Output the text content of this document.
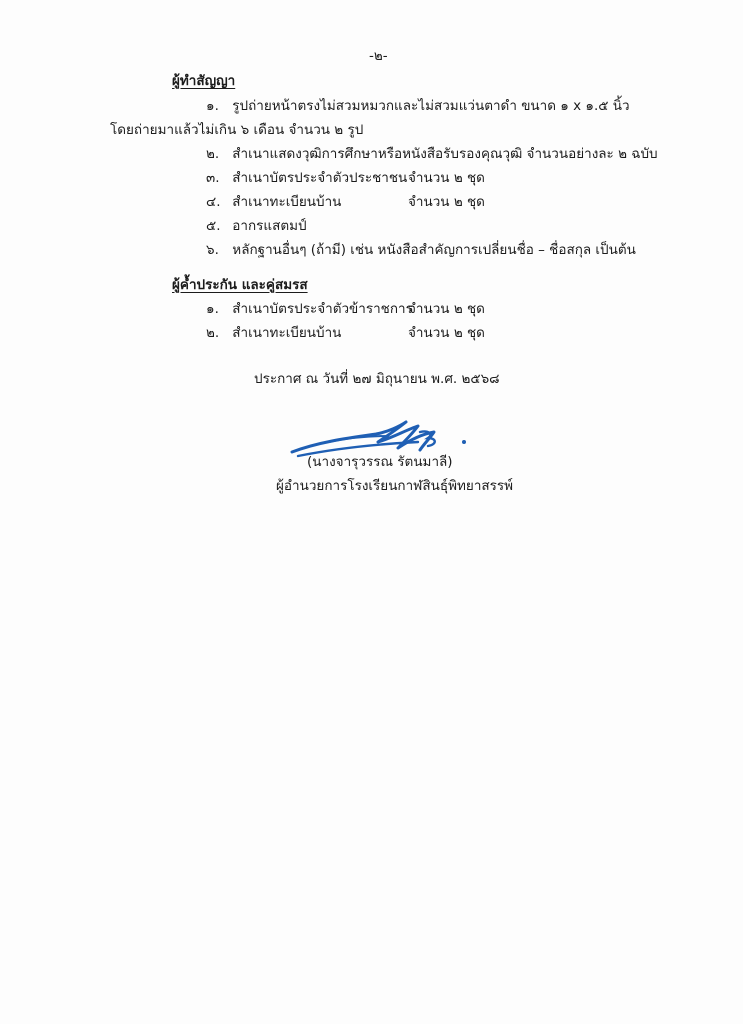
-๒-
ผู้ทำสัญญา
๑. รูปถ่ายหน้าตรงไม่สวมหมวกและไม่สวมแว่นตาดำ ขนาด ๑ x ๑.๕ นิ้ว
โดยถ่ายมาแล้วไม่เกิน ๖ เดือน จำนวน ๒ รูป
๒. สำเนาแสดงวุฒิการศึกษาหรือหนังสือรับรองคุณวุฒิ จำนวนอย่างละ ๒ ฉบับ
๓. สำเนาบัตรประจำตัวประชาชน จำนวน ๒ ชุด
๔. สำเนาทะเบียนบ้าน	จำนวน ๒ ชุด
๕. อากรแสตมป์
๖. หลักฐานอื่นๆ (ถ้ามี) เช่น หนังสือสำคัญการเปลี่ยนชื่อ – ชื่อสกุล เป็นต้น
ผู้ค้ำประกัน และคู่สมรส
๑. สำเนาบัตรประจำตัวข้าราชการ
จำนวน ๒ ชุด
๒. สำเนาทะเบียนบ้าน	จำนวน ๒ ชุด
ประกาศ ณ วันที่ ๒๗ มิถุนายน พ.ศ. ๒๕๖๘
(นางจารุวรรณ รัตนมาลี)
ผู้อำนวยการโรงเรียนกาฬสินธุ์พิทยาสรรพ์
